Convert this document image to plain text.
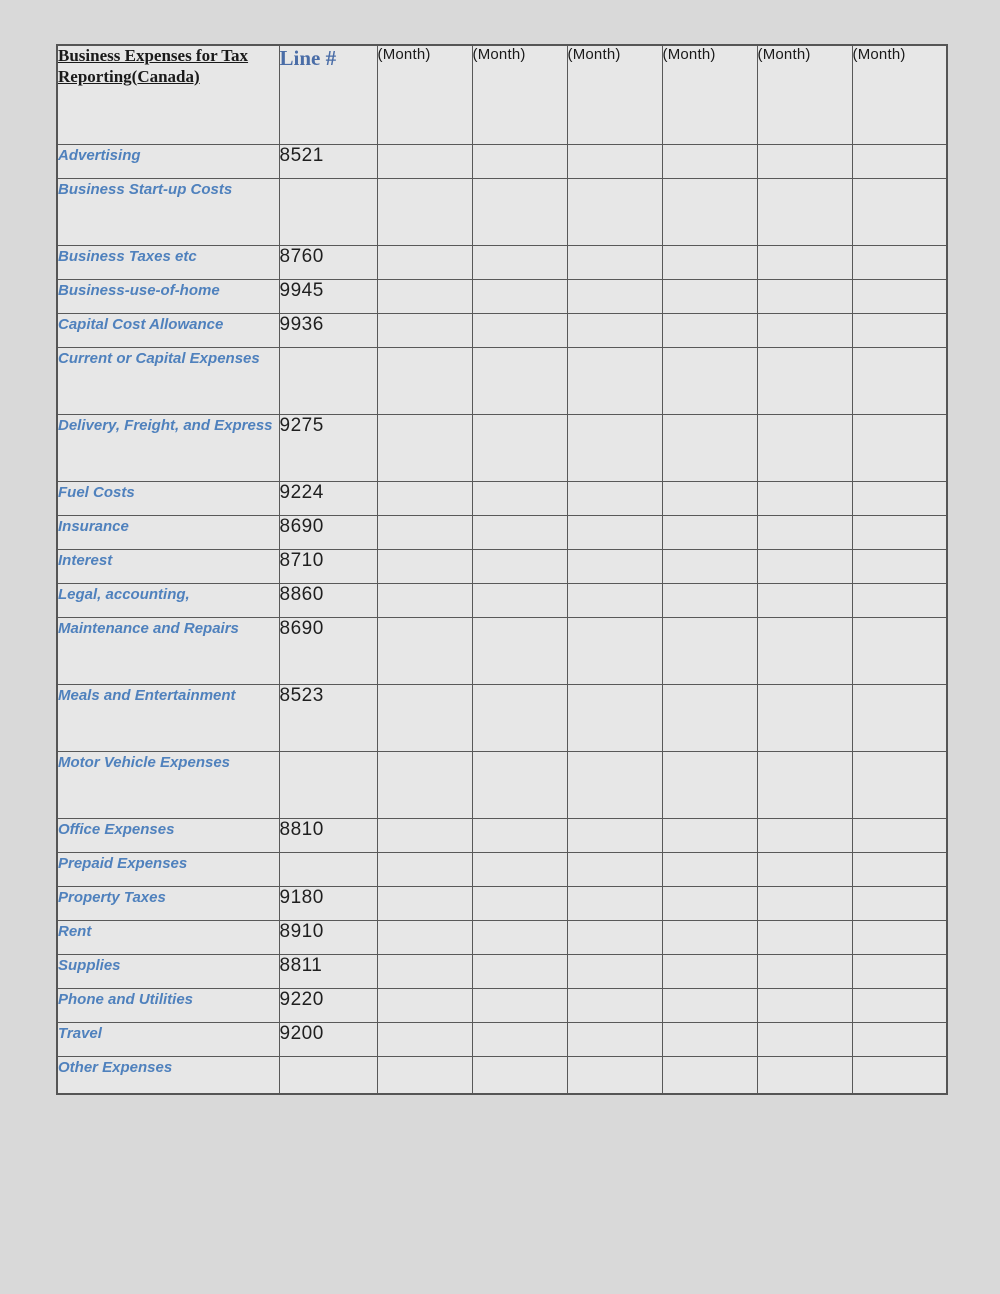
Business Expenses for Tax Reporting(Canada)	Line #	(Month)	(Month)	(Month)	(Month)	(Month)	(Month)
Advertising	8521						
Business Start-up Costs							
Business Taxes etc	8760						
Business-use-of-home	9945						
Capital Cost Allowance	9936						
Current or Capital Expenses							
Delivery, Freight, and Express	9275						
Fuel Costs	9224						
Insurance	8690						
Interest	8710						
Legal, accounting,	8860						
Maintenance and Repairs	8690						
Meals and Entertainment	8523						
Motor Vehicle Expenses							
Office Expenses	8810						
Prepaid Expenses							
Property Taxes	9180						
Rent	8910						
Supplies	8811						
Phone and Utilities	9220						
Travel	9200						
Other Expenses							
